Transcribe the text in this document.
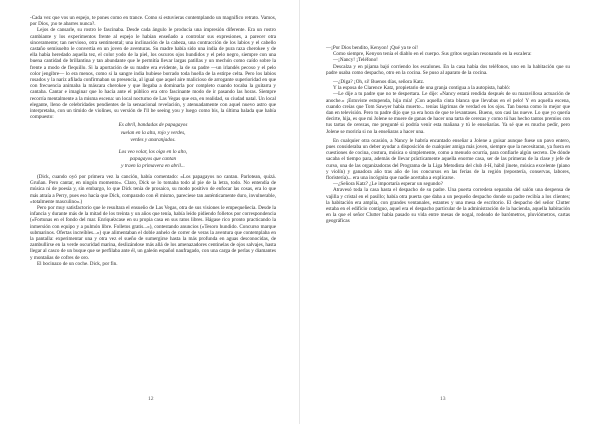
-Cada vez que vos un espejo, te pones como en trance. Como si estuvieras contemplando un magnífico retrato. Vamos, por Dios, ¡no te abarres nunca?.

Lejos de cansarle, su rostro le fascinaba. Desde cada ángulo le producía una impresión diferente. Era un rostro cambiante y los experimentos frente al espejo le habían enseñado a controlar sus expresiones, a parecer otra sinceramente; tan nervioso, otra sentimental; una inclinación de la cabeza, una contracción de los labios y el cabello castaño semisuelto le convertía en un joven de aventuras. Su madre había sido una india de pura raza cherokee y de ella había heredado aquella tez, el color yodo de la piel, los oscuros ojos hundidos y el pelo negro, siempre con una buena cantidad de brillantina y tan abundante que le permitía llevar largas patillas y un mechón como caído sobre la frente a modo de flequillo. Si la aportación de su madre era evidente, la de su padre —un irlandés pecoso y el pelo color jengibre— lo era menos, como si la sangre india hubiese borrado toda huella de la estirpe celta. Pero los labios rosados y la nariz afilada confirmaban su presencia, al igual que aquel aire malicioso de arrogante superioridad en que con frecuencia animaba la máscara cherokee y que llegaba a dominarla por completo cuando tocaba la guitarra y cantaba. Cantar e imaginar que lo hacía ante el público era otro fascinante modo de ir pasando las horas. Siempre recorría mentalmente a la misma escena: un local nocturno de Las Vegas que era, en realidad, su ciudad natal. Un local elegante, lleno de celebridades pendientes de la sensacional revelación, y atenuadamente con aquel nuevo astro que interpretaba, con un tímido de violines, su versión de I'll be seeing you y luego como bis, la última balada que había compuesto:

Es abril, bandadas de papagayos
vuelan en la alta, rojo y verdes,
verdes y anaranjados.
Los veo volar, los oigo en lo alto,
papagayos que cantan
y traen la primavera en abril...

(Dick, cuando oyó por primera vez la canción, había comentado: «Los papagayos no cantan. Parlotean, quizá. Gruñan. Pero cantar, en ningún momento». Claro, Dick se lo tomaba todo al pie de la letra, todo. No entendía de música ni de poesía y, sin embargo, lo que Dick tenía de prosaico, su modo positivo de enfocar las cosas, era lo que más atraía a Perry, pues eso hacía que Dick, comparado con él mismo, pareciese tan auténticamente duro, invulnerable, «totalmente masculino».)

Pero por muy satisfactorio que le resultara el ensueño de Las Vegas, otra de sus visiones le empequeñecía. Desde la infancia y durante más de la mitad de los treinta y un años que tenía, había leído pidiendo folletos por correspondencia («Fortunas en el fondo del mar. Enriquézcase en su propia casa en sus ratos libres. Hágase rico pronto practicando la inmersión con equipo y a pulmón libre. Folletos gratis...»), contestando anuncios («Tesoro hundido. Concurso marque submarinos. Ofertas increíbles...») que alimentaban el doble anhelo de correr de veras la aventura que contemplaba en la pantalla: experimentar una y otra vez el sueño de sumergirse hasta la más profunda en aguas desconocidas, de zambullirse en la verde oscuridad marina, deslizándose más allá de los amenazadores centinelas de ojos salvajes, hasta llegar al casco de un buque que se perfilaba ante él, un galeón español naufragado, con una carga de perlas y diamantes y montañas de cofres de oro.

El bocinazo de un coche. Dick, por fin.

12

—¡Por Dios bendito, Kenyon! ¡Qué ya te oí!

Como siempre, Kenyon tenía el diablo en el cuerpo. Sus gritos seguían resonando en la escalera:

—¡Nancy! ¡Teléfono!

Descalza y en pijama bajó corriendo los escalones. En la casa había dos teléfonos, uno en la habitación que su padre usaba como despacho, otro en la cocina. Se puso al aparato de la cocina.

—¿Diga? ¡Oh, sí! Buenos días, señora Katz.

Y la esposa de Clarence Katz, propietario de una granja contigua a la autopista, habló:

—Le dije a tu padre que no te despertara. Le dije: «Nancy estará rendida después de su maravillosa actuación de anoche.» ¡Estuviste estupenda, hija mía! ¡Con aquella cinta blanca que llevabas en el pelo! Y en aquella escena, cuando creías que Tom Sawyer había muerto... tenías lágrimas de verdad en los ojos. Tan buena como lo mejor que dan en televisión. Pero tu padre dijo que ya era hora de que te levantases. Bueno, son casi las nueve. Lo que yo quería decirte, hija, es que mi Jolene se muere de ganas de hacer una tarta de cerezas y como tú has hecho tantos premios con tus tartas de cerezas, me pregunté si podría venir esta mañana y tú le enseñarías. Ya sé que es mucho pedir, pero Jolene se moriría si no la enseñaras a hacer una.

En cualquier otra ocasión, a Nancy le habría encantado enseñar a Jolene a guisar aunque fuese un pavo entero, pues consideraba un deber ayudar a disposición de cualquier amiga más joven, siempre que la necesitaran, ya fuera en cuestiones de cocina, costura, música o simplemente, como a menudo ocurría, para confiarle algún secreto. De dónde sacaba el tiempo para, además de llevar prácticamente aquella enorme casa, ser de las primeras de la clase y jefe de curso, una de las organizadoras del Programa de la Liga Metodista del club 4-H, hábil jinete, música excelente (piano y violín) y ganadora año tras año de los concursos en las ferias de la región (repostería, conservas, labores, floristería)... era una incógnita que nadie acertaba a explicarse.

—¿Señora Katz? ¿Le importaría esperar un segundo?

Atravesó toda la casa hasta el despacho de su padre. Una puerta corredera separaba del salón una despensa de vajilla y cristal en el pasillo; había otra puerta que daba a un pequeño despacho donde su padre recibía a los clientes; la habitación era amplia, con grandes ventanales, estantes y una mesa de escritorio. El despacho del señor Clutter estaba en el edificio contiguo, aquel era el despacho particular de la administración de la hacienda, aquella habitación en la que el señor Clutter había pasado su vida entre mesas de nogal, rodeado de barómetros, pluviómetros, cartas geográficas

13
